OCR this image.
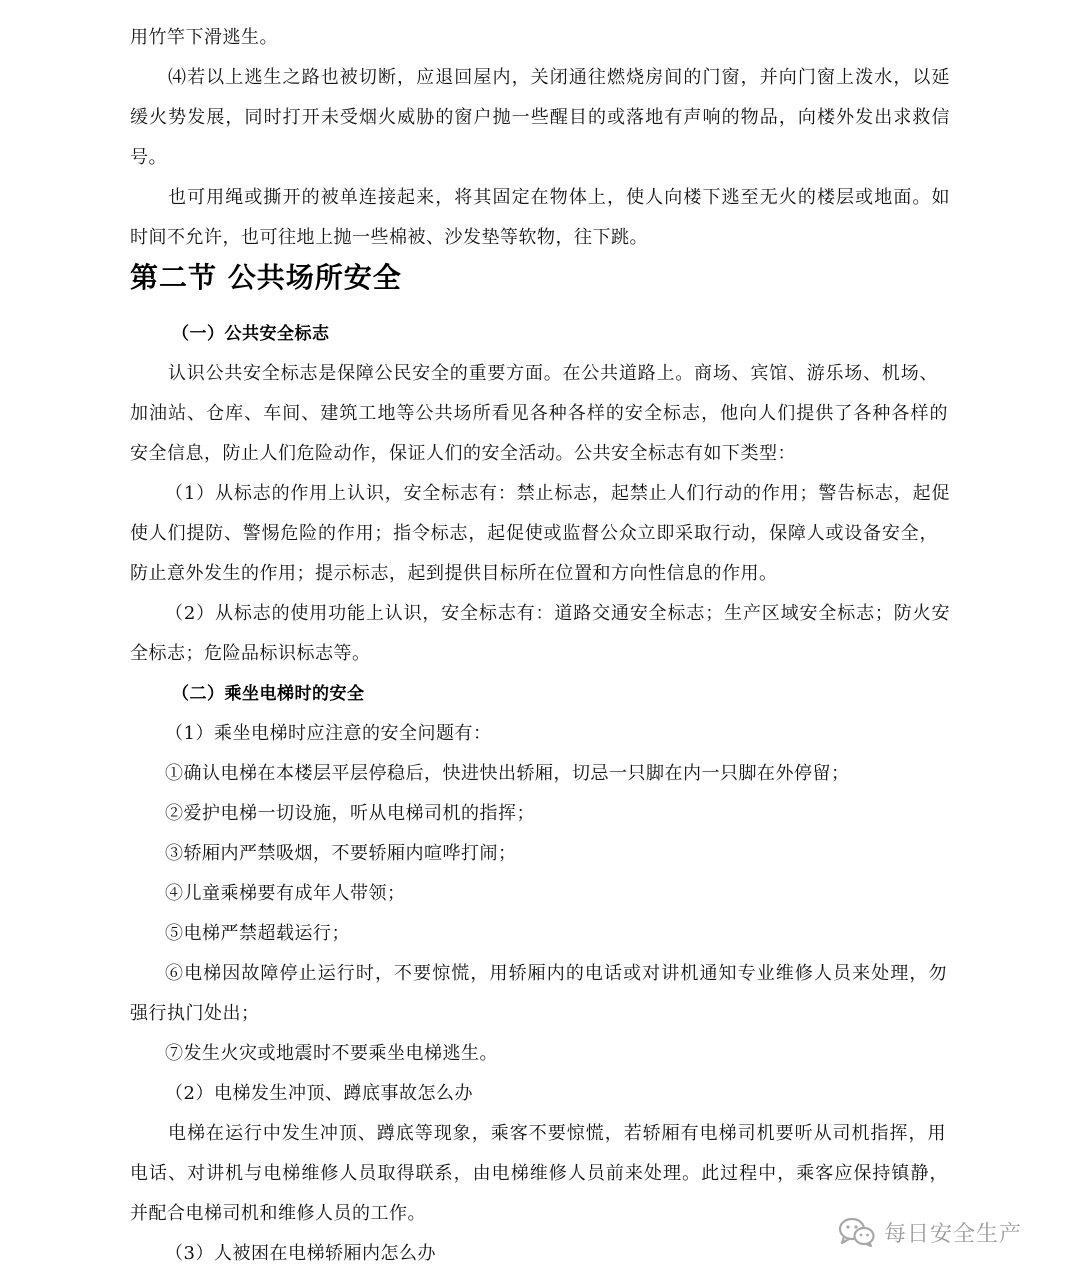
用竹竿下滑逃生。
⑷若以上逃生之路也被切断，应退回屋内，关闭通往燃烧房间的门窗，并向门窗上泼水，以延
缓火势发展，同时打开未受烟火威胁的窗户抛一些醒目的或落地有声响的物品，向楼外发出求救信
号。
也可用绳或撕开的被单连接起来，将其固定在物体上，使人向楼下逃至无火的楼层或地面。如
时间不允许，也可往地上抛一些棉被、沙发垫等软物，往下跳。
第二节 公共场所安全
（一）公共安全标志
认识公共安全标志是保障公民安全的重要方面。在公共道路上。商场、宾馆、游乐场、机场、
加油站、仓库、车间、建筑工地等公共场所看见各种各样的安全标志，他向人们提供了各种各样的
安全信息，防止人们危险动作，保证人们的安全活动。公共安全标志有如下类型：
（1）从标志的作用上认识，安全标志有：禁止标志，起禁止人们行动的作用；警告标志，起促
使人们提防、警惕危险的作用；指令标志，起促使或监督公众立即采取行动，保障人或设备安全，
防止意外发生的作用；提示标志，起到提供目标所在位置和方向性信息的作用。
（2）从标志的使用功能上认识，安全标志有：道路交通安全标志；生产区域安全标志；防火安
全标志；危险品标识标志等。
（二）乘坐电梯时的安全
（1）乘坐电梯时应注意的安全问题有：
①确认电梯在本楼层平层停稳后，快进快出轿厢，切忌一只脚在内一只脚在外停留；
②爱护电梯一切设施，听从电梯司机的指挥；
③轿厢内严禁吸烟，不要轿厢内喧哗打闹；
④儿童乘梯要有成年人带领；
⑤电梯严禁超载运行；
⑥电梯因故障停止运行时，不要惊慌，用轿厢内的电话或对讲机通知专业维修人员来处理，勿
强行执门处出；
⑦发生火灾或地震时不要乘坐电梯逃生。
（2）电梯发生冲顶、蹲底事故怎么办
电梯在运行中发生冲顶、蹲底等现象，乘客不要惊慌，若轿厢有电梯司机要听从司机指挥，用
电话、对讲机与电梯维修人员取得联系，由电梯维修人员前来处理。此过程中，乘客应保持镇静，
并配合电梯司机和维修人员的工作。
（3）人被困在电梯轿厢内怎么办
每日安全生产
